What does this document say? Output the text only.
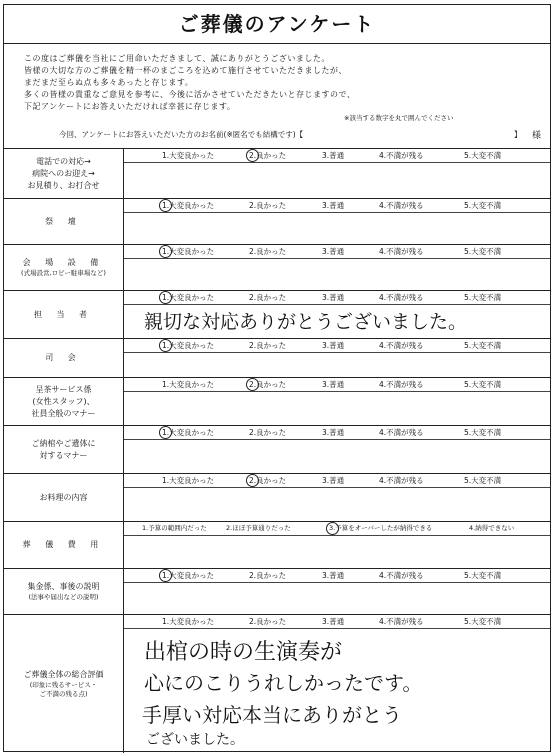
ご葬儀のアンケート
この度はご葬儀を当社にご用命いただきまして、誠にありがとうございました。
皆様の大切な方のご葬儀を精一杯のまごころを込めて施行させていただきましたが、
まだまだ至らぬ点も多々あったと存じます。
多くの皆様の貴重なご意見を参考に、今後に活かさせていただきたいと存じますので、
下記アンケートにお答えいただければ幸甚に存じます。
※該当する数字を丸で囲んでください
今回、アンケートにお答えいただいた方のお名前(※匿名でも結構です)【	】 様
電話での対応→
病院へのお迎え→
お見積り、お打合せ
1.大変良かった	2.良かった	3.普通	4.不満が残る	5.大変不満
祭 壇
1.大変良かった	2.良かった	3.普通	4.不満が残る	5.大変不満
会 場 設 備
(式場設営,ロビー駐車場など)
1.大変良かった	2.良かった	3.普通	4.不満が残る	5.大変不満
担 当 者
1.大変良かった	2.良かった	3.普通	4.不満が残る	5.大変不満
親切な対応ありがとうございました。
司 会
1.大変良かった	2.良かった	3.普通	4.不満が残る	5.大変不満
呈茶サービス係
(女性スタッフ)、
社員全般のマナー
1.大変良かった	2.良かった	3.普通	4.不満が残る	5.大変不満
ご納棺やご遺体に
対するマナー
1.大変良かった	2.良かった	3.普通	4.不満が残る	5.大変不満
お料理の内容
1.大変良かった	2.良かった	3.普通	4.不満が残る	5.大変不満
葬 儀 費 用
1.予算の範囲内だった	2.ほぼ予算通りだった	3.予算をオーバーしたが納得できる	4.納得できない
集金係、事後の説明
(法事や届出などの説明)
1.大変良かった	2.良かった	3.普通	4.不満が残る	5.大変不満
ご葬儀全体の総合評価
(印象に残るサービス・
ご不満の残る点)
1.大変良かった	2.良かった	3.普通	4.不満が残る	5.大変不満
出棺の時の生演奏が
心にのこりうれしかったです。
手厚い対応本当にありがとう
ございました。
